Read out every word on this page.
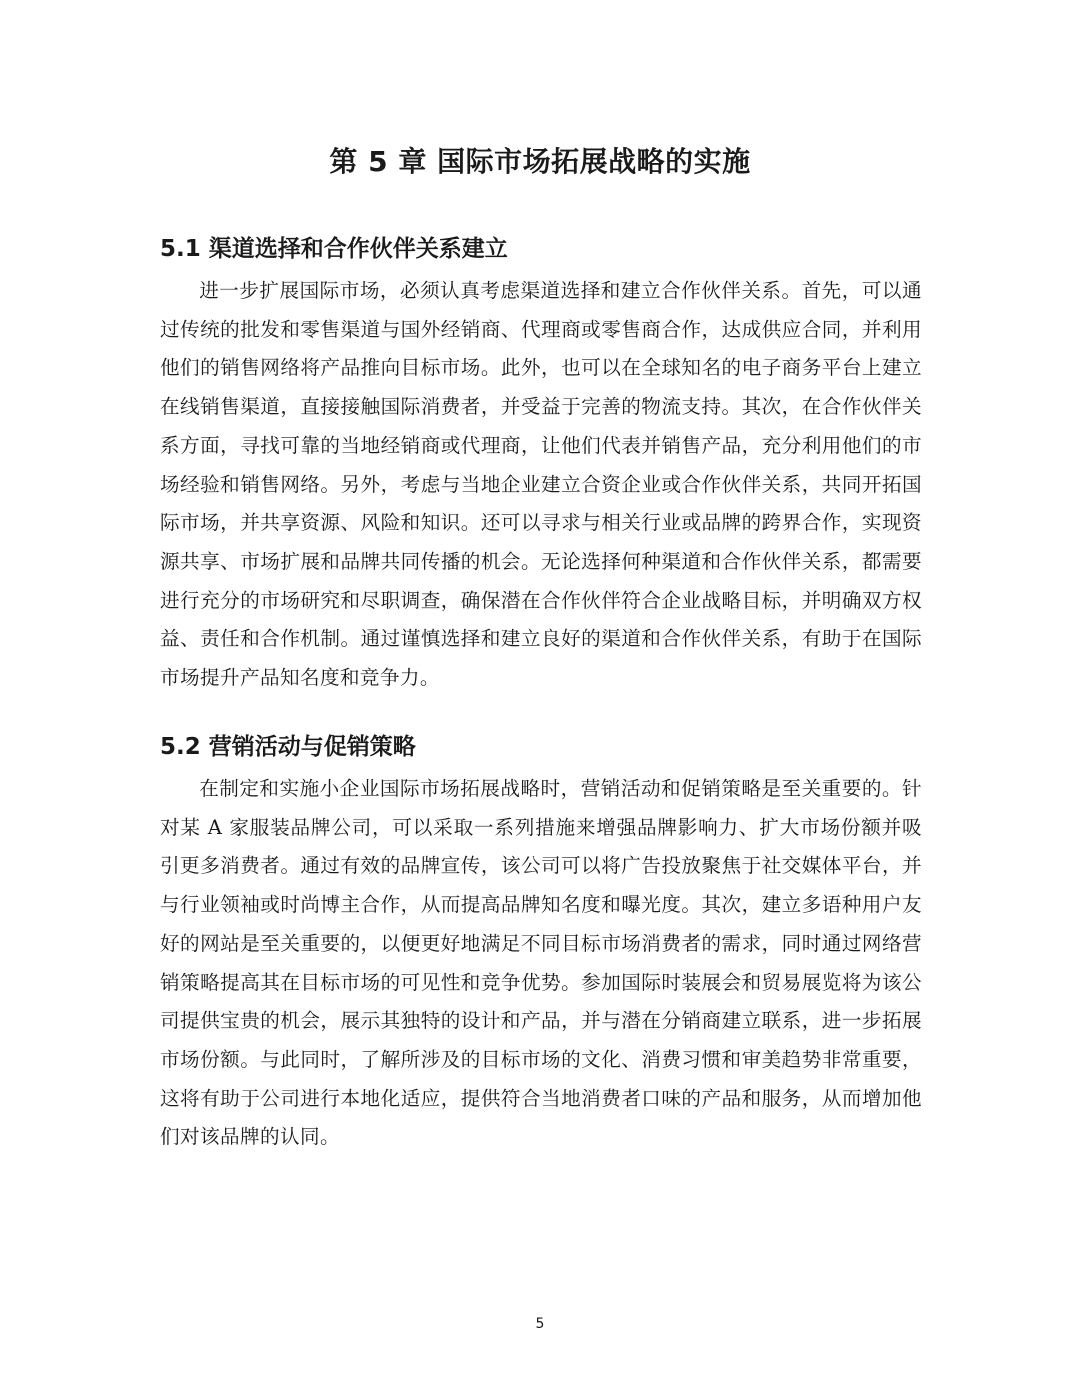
第 5 章 国际市场拓展战略的实施
5.1 渠道选择和合作伙伴关系建立

进一步扩展国际市场，必须认真考虑渠道选择和建立合作伙伴关系。首先，可以通过传统的批发和零售渠道与国外经销商、代理商或零售商合作，达成供应合同，并利用他们的销售网络将产品推向目标市场。此外，也可以在全球知名的电子商务平台上建立在线销售渠道，直接接触国际消费者，并受益于完善的物流支持。其次，在合作伙伴关系方面，寻找可靠的当地经销商或代理商，让他们代表并销售产品，充分利用他们的市场经验和销售网络。另外，考虑与当地企业建立合资企业或合作伙伴关系，共同开拓国际市场，并共享资源、风险和知识。还可以寻求与相关行业或品牌的跨界合作，实现资源共享、市场扩展和品牌共同传播的机会。无论选择何种渠道和合作伙伴关系，都需要进行充分的市场研究和尽职调查，确保潜在合作伙伴符合企业战略目标，并明确双方权益、责任和合作机制。通过谨慎选择和建立良好的渠道和合作伙伴关系，有助于在国际市场提升产品知名度和竞争力。

5.2 营销活动与促销策略

在制定和实施小企业国际市场拓展战略时，营销活动和促销策略是至关重要的。针对某 A 家服装品牌公司，可以采取一系列措施来增强品牌影响力、扩大市场份额并吸引更多消费者。通过有效的品牌宣传，该公司可以将广告投放聚焦于社交媒体平台，并与行业领袖或时尚博主合作，从而提高品牌知名度和曝光度。其次，建立多语种用户友好的网站是至关重要的，以便更好地满足不同目标市场消费者的需求，同时通过网络营销策略提高其在目标市场的可见性和竞争优势。参加国际时装展会和贸易展览将为该公司提供宝贵的机会，展示其独特的设计和产品，并与潜在分销商建立联系，进一步拓展市场份额。与此同时，了解所涉及的目标市场的文化、消费习惯和审美趋势非常重要，这将有助于公司进行本地化适应，提供符合当地消费者口味的产品和服务，从而增加他们对该品牌的认同。

5
